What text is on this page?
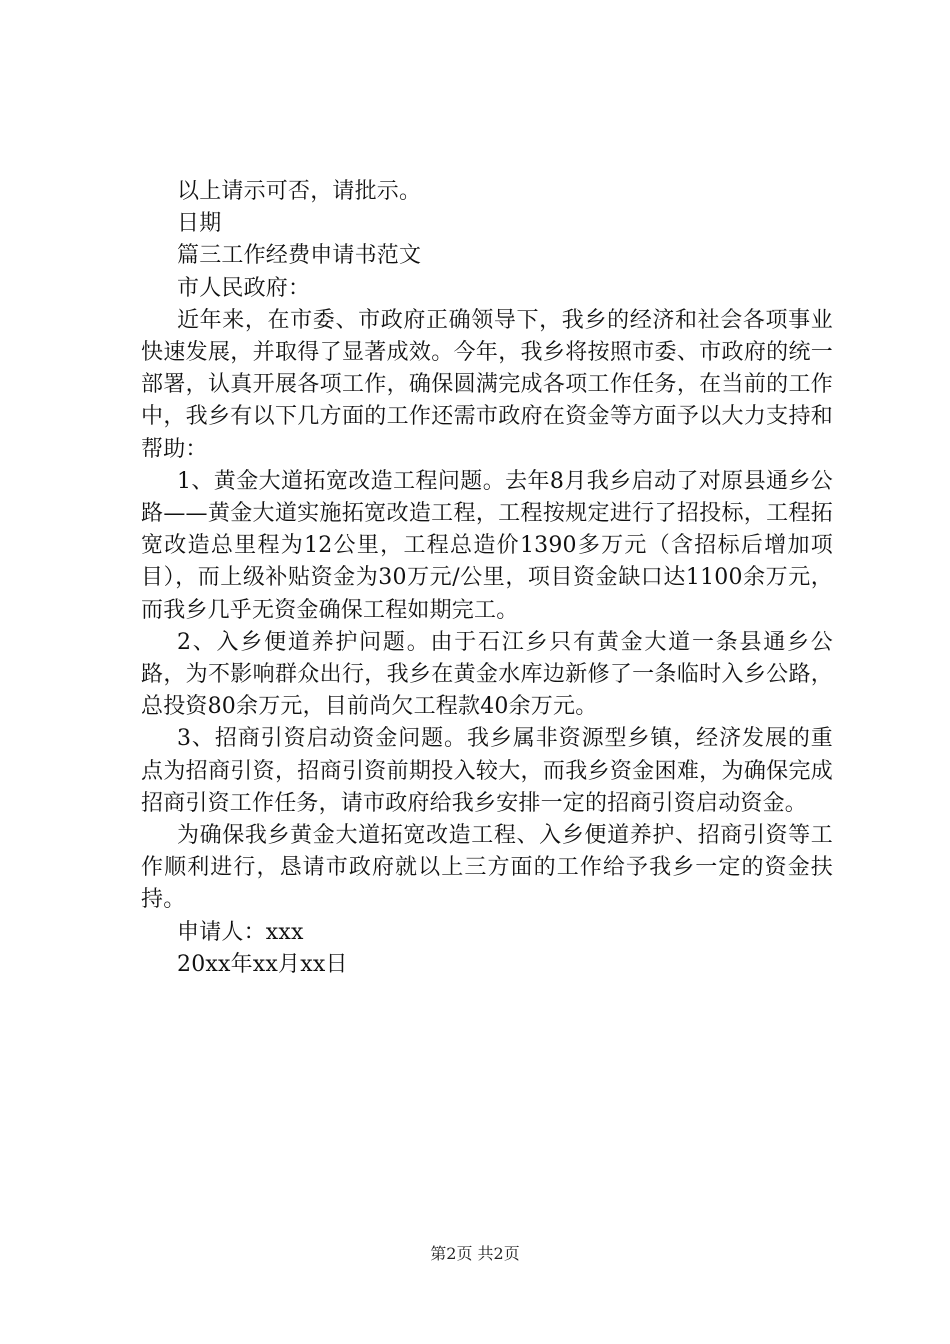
以上请示可否，请批示。

日期

篇三工作经费申请书范文

市人民政府：

近年来，在市委、市政府正确领导下，我乡的经济和社会各项事业快速发展，并取得了显著成效。今年，我乡将按照市委、市政府的统一部署，认真开展各项工作，确保圆满完成各项工作任务，在当前的工作中，我乡有以下几方面的工作还需市政府在资金等方面予以大力支持和帮助：

1、黄金大道拓宽改造工程问题。去年8月我乡启动了对原县通乡公路——黄金大道实施拓宽改造工程，工程按规定进行了招投标，工程拓宽改造总里程为12公里，工程总造价1390多万元（含招标后增加项目），而上级补贴资金为30万元/公里，项目资金缺口达1100余万元，而我乡几乎无资金确保工程如期完工。

2、入乡便道养护问题。由于石江乡只有黄金大道一条县通乡公路，为不影响群众出行，我乡在黄金水库边新修了一条临时入乡公路，总投资80余万元，目前尚欠工程款40余万元。

3、招商引资启动资金问题。我乡属非资源型乡镇，经济发展的重点为招商引资，招商引资前期投入较大，而我乡资金困难，为确保完成招商引资工作任务，请市政府给我乡安排一定的招商引资启动资金。

为确保我乡黄金大道拓宽改造工程、入乡便道养护、招商引资等工作顺利进行，恳请市政府就以上三方面的工作给予我乡一定的资金扶持。

申请人：xxx

20xx年xx月xx日

第2页 共2页
